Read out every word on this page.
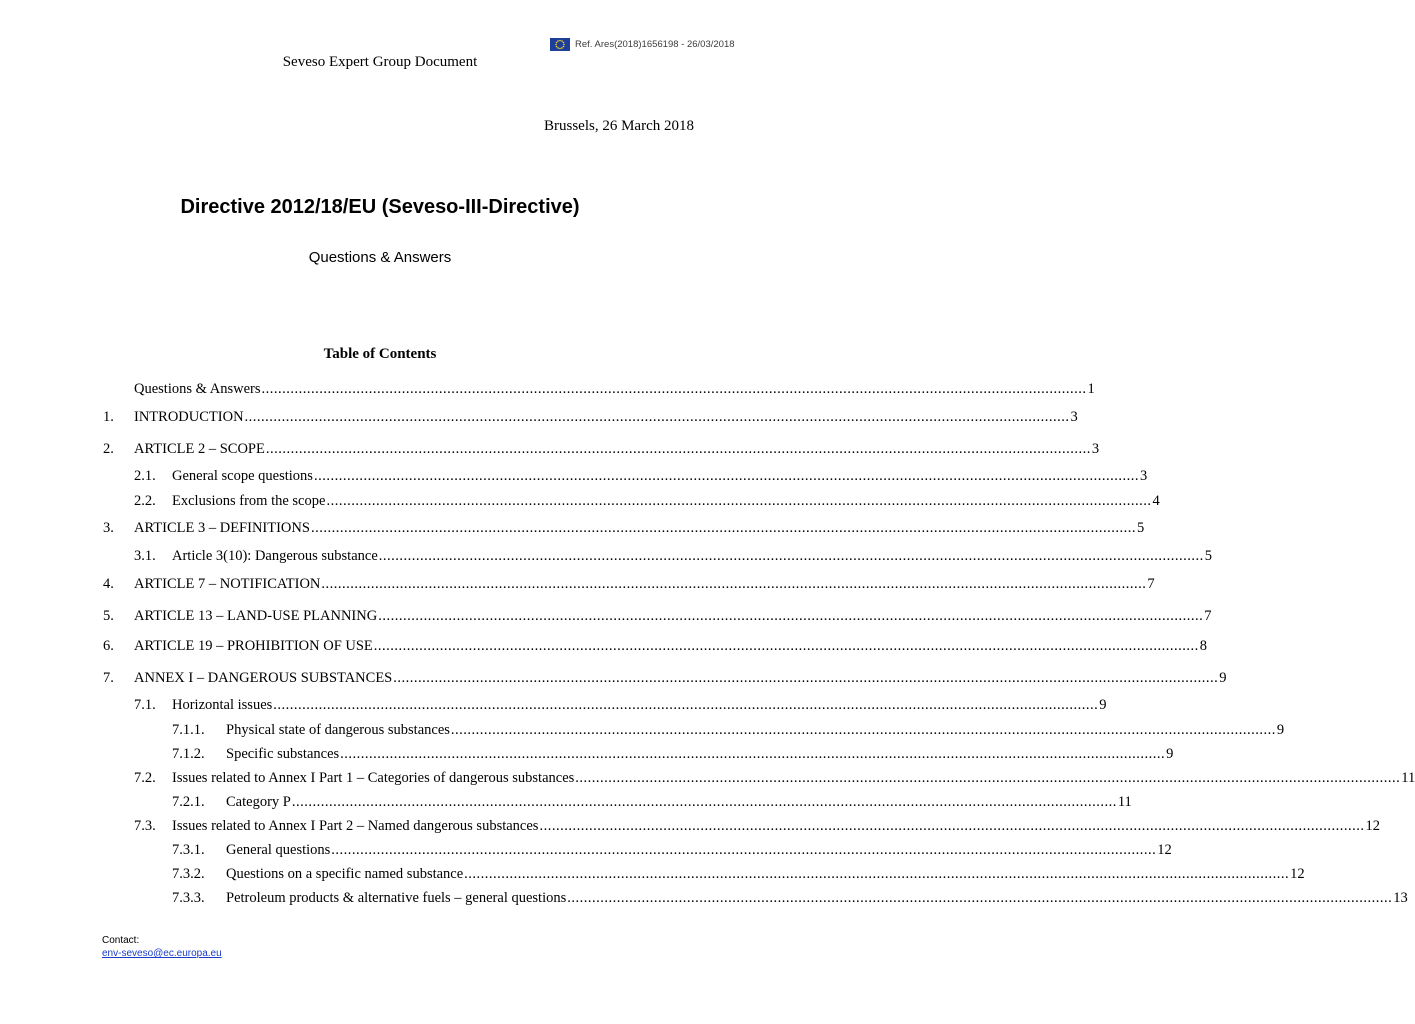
Ref. Ares(2018)1656198 - 26/03/2018
Seveso Expert Group Document
Brussels, 26 March 2018
Directive 2012/18/EU (Seveso-III-Directive)
Questions & Answers
Table of Contents
Questions & Answers ........................................................................................................................................................................................................ 1
1. INTRODUCTION ........................................................................................................................................................................................................ 3
2. ARTICLE 2 – SCOPE ........................................................................................................................................................................................................ 3
2.1. General scope questions ........................................................................................................................................................................................................ 3
2.2. Exclusions from the scope ........................................................................................................................................................................................................ 4
3. ARTICLE 3 – DEFINITIONS ........................................................................................................................................................................................................ 5
3.1. Article 3(10): Dangerous substance ........................................................................................................................................................................................................ 5
4. ARTICLE 7 – NOTIFICATION ........................................................................................................................................................................................................ 7
5. ARTICLE 13 – LAND-USE PLANNING ........................................................................................................................................................................................................ 7
6. ARTICLE 19 – PROHIBITION OF USE ........................................................................................................................................................................................................ 8
7. ANNEX I – DANGEROUS SUBSTANCES ........................................................................................................................................................................................................ 9
7.1. Horizontal issues ........................................................................................................................................................................................................ 9
7.1.1. Physical state of dangerous substances ........................................................................................................................................................................................................ 9
7.1.2. Specific substances ........................................................................................................................................................................................................ 9
7.2. Issues related to Annex I Part 1 – Categories of dangerous substances ........................................................................................................................................................................................................ 11
7.2.1. Category P ........................................................................................................................................................................................................ 11
7.3. Issues related to Annex I Part 2 – Named dangerous substances ........................................................................................................................................................................................................ 12
7.3.1. General questions ........................................................................................................................................................................................................ 12
7.3.2. Questions on a specific named substance ........................................................................................................................................................................................................ 12
7.3.3. Petroleum products & alternative fuels – general questions ........................................................................................................................................................................................................ 13
Contact:
env-seveso@ec.europa.eu
